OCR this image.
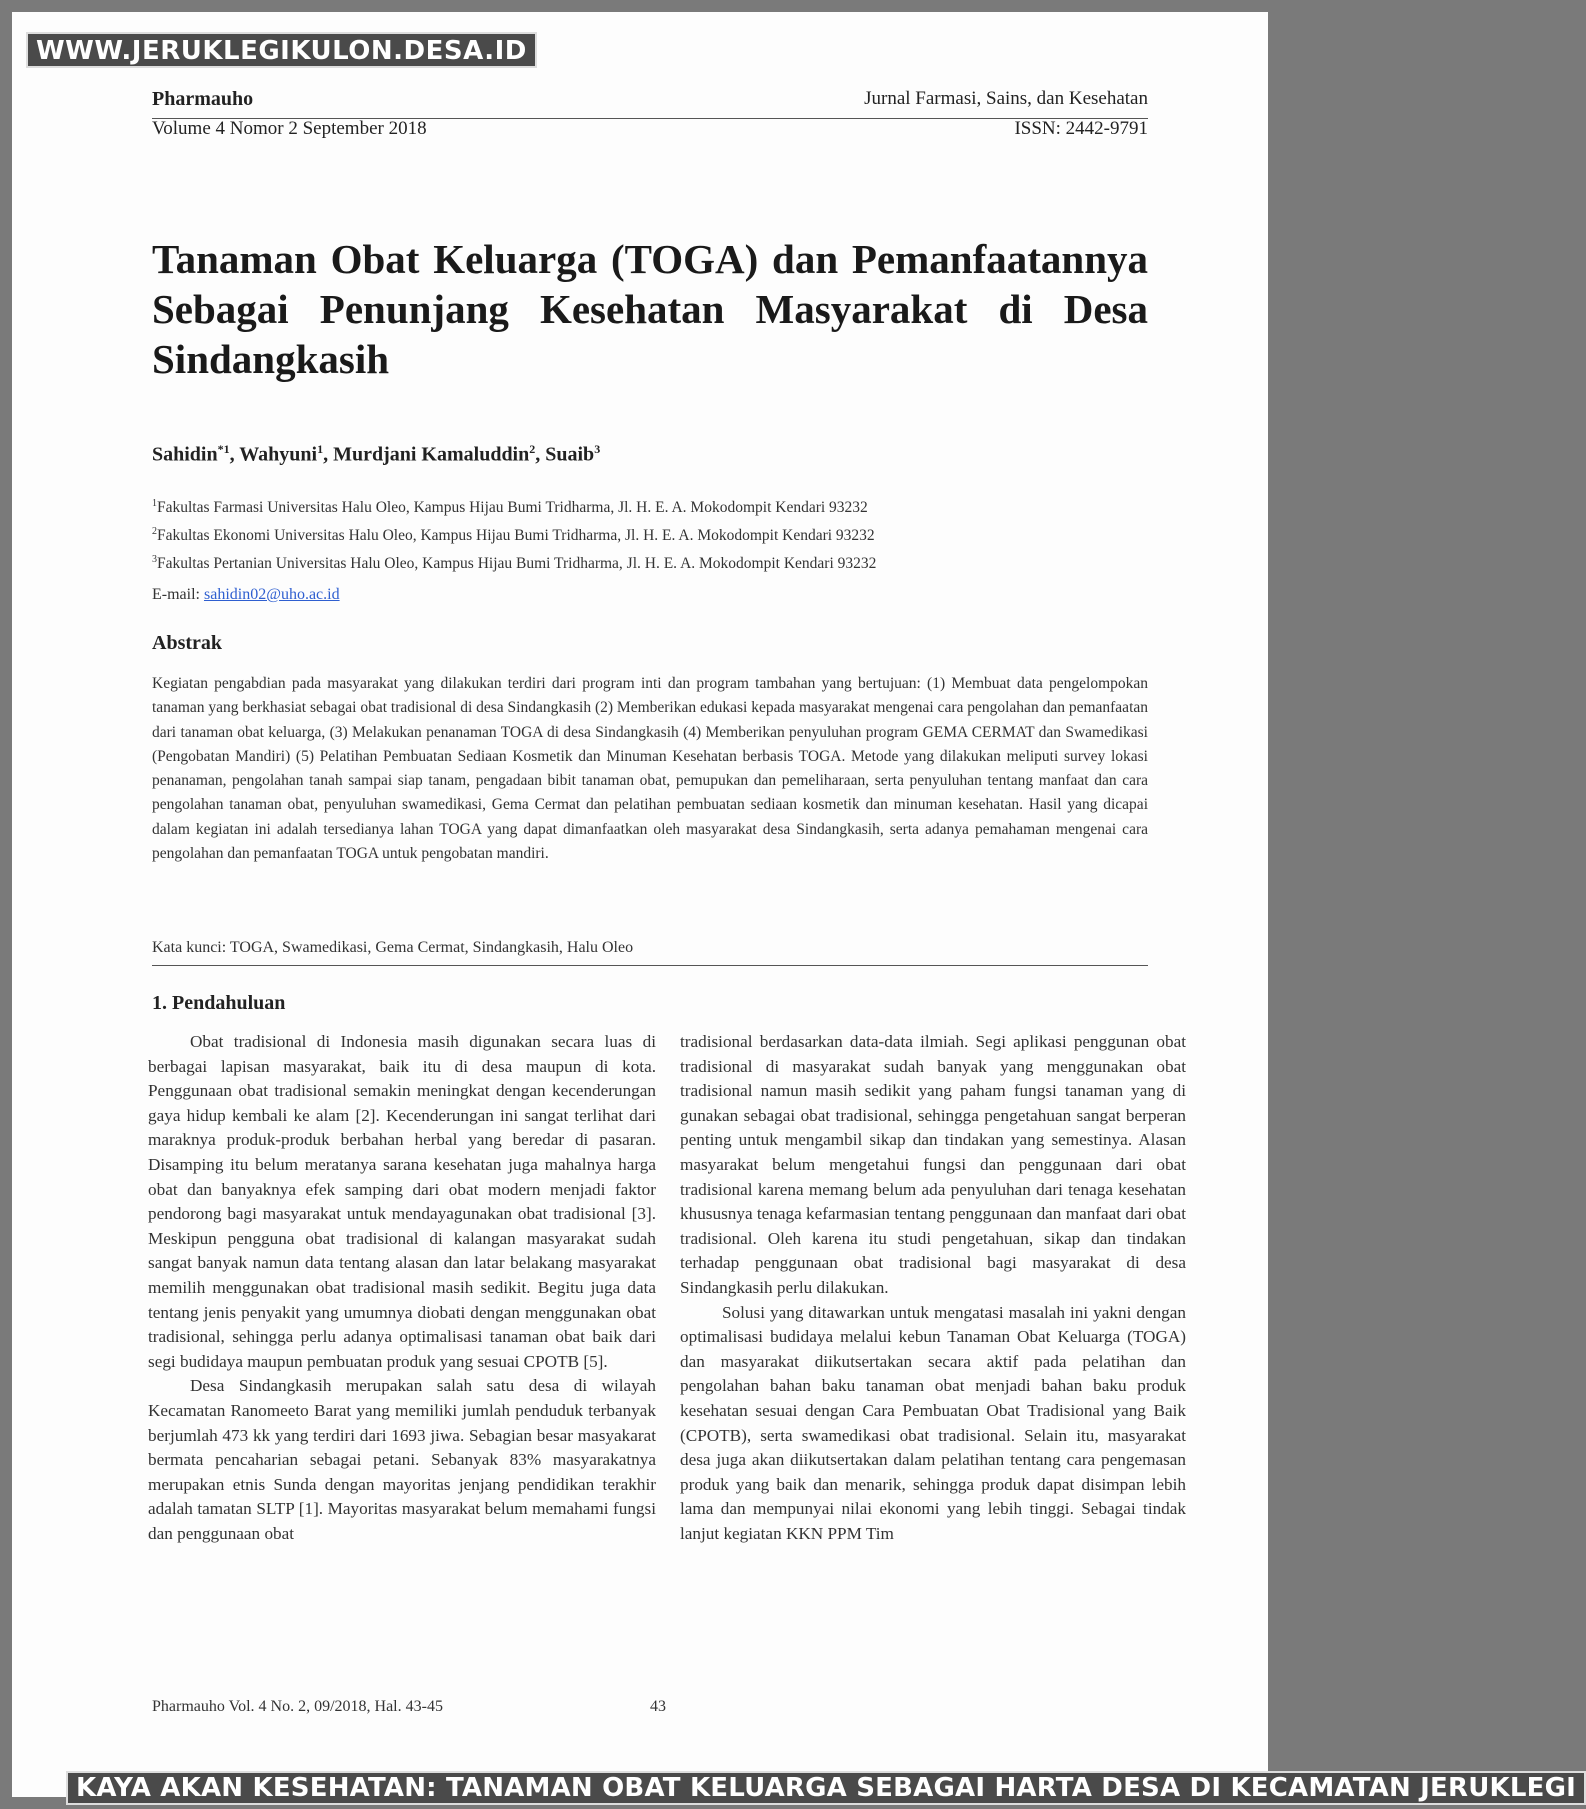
Pharmauho	Jurnal Farmasi, Sains, dan Kesehatan
Volume 4 Nomor 2 September 2018	ISSN: 2442-9791
Tanaman Obat Keluarga (TOGA) dan Pemanfaatannya Sebagai Penunjang Kesehatan Masyarakat di Desa Sindangkasih
Sahidin$^{*1}$, Wahyuni$^1$, Murdjani Kamaluddin$^2$, Suaib$^3$
$^1$Fakultas Farmasi Universitas Halu Oleo, Kampus Hijau Bumi Tridharma, Jl. H. E. A. Mokodompit Kendari 93232
$^2$Fakultas Ekonomi Universitas Halu Oleo, Kampus Hijau Bumi Tridharma, Jl. H. E. A. Mokodompit Kendari 93232
$^3$Fakultas Pertanian Universitas Halu Oleo, Kampus Hijau Bumi Tridharma, Jl. H. E. A. Mokodompit Kendari 93232
E-mail: sahidin02@uho.ac.id
Abstrak

Kegiatan pengabdian pada masyarakat yang dilakukan terdiri dari program inti dan program tambahan yang bertujuan: (1) Membuat data pengelompokan tanaman yang berkhasiat sebagai obat tradisional di desa Sindangkasih (2) Memberikan edukasi kepada masyarakat mengenai cara pengolahan dan pemanfaatan dari tanaman obat keluarga, (3) Melakukan penanaman TOGA di desa Sindangkasih (4) Memberikan penyuluhan program GEMA CERMAT dan Swamedikasi (Pengobatan Mandiri) (5) Pelatihan Pembuatan Sediaan Kosmetik dan Minuman Kesehatan berbasis TOGA. Metode yang dilakukan meliputi survey lokasi penanaman, pengolahan tanah sampai siap tanam, pengadaan bibit tanaman obat, pemupukan dan pemeliharaan, serta penyuluhan tentang manfaat dan cara pengolahan tanaman obat, penyuluhan swamedikasi, Gema Cermat dan pelatihan pembuatan sediaan kosmetik dan minuman kesehatan. Hasil yang dicapai dalam kegiatan ini adalah tersedianya lahan TOGA yang dapat dimanfaatkan oleh masyarakat desa Sindangkasih, serta adanya pemahaman mengenai cara pengolahan dan pemanfaatan TOGA untuk pengobatan mandiri.

Kata kunci: TOGA, Swamedikasi, Gema Cermat, Sindangkasih, Halu Oleo
1. Pendahuluan

Obat tradisional di Indonesia masih digunakan secara luas di berbagai lapisan masyarakat, baik itu di desa maupun di kota. Penggunaan obat tradisional semakin meningkat dengan kecenderungan gaya hidup kembali ke alam [2]. Kecenderungan ini sangat terlihat dari maraknya produk-produk berbahan herbal yang beredar di pasaran. Disamping itu belum meratanya sarana kesehatan juga mahalnya harga obat dan banyaknya efek samping dari obat modern menjadi faktor pendorong bagi masyarakat untuk mendayagunakan obat tradisional [3]. Meskipun pengguna obat tradisional di kalangan masyarakat sudah sangat banyak namun data tentang alasan dan latar belakang masyarakat memilih menggunakan obat tradisional masih sedikit. Begitu juga data tentang jenis penyakit yang umumnya diobati dengan menggunakan obat tradisional, sehingga perlu adanya optimalisasi tanaman obat baik dari segi budidaya maupun pembuatan produk yang sesuai CPOTB [5].

Desa Sindangkasih merupakan salah satu desa di wilayah Kecamatan Ranomeeto Barat yang memiliki jumlah penduduk terbanyak berjumlah 473 kk yang terdiri dari 1693 jiwa. Sebagian besar masyakarat bermata pencaharian sebagai petani. Sebanyak 83% masyarakatnya merupakan etnis Sunda dengan mayoritas jenjang pendidikan terakhir adalah tamatan SLTP [1]. Mayoritas masyarakat belum memahami fungsi dan penggunaan obat

tradisional berdasarkan data-data ilmiah. Segi aplikasi penggunan obat tradisional di masyarakat sudah banyak yang menggunakan obat tradisional namun masih sedikit yang paham fungsi tanaman yang di gunakan sebagai obat tradisional, sehingga pengetahuan sangat berperan penting untuk mengambil sikap dan tindakan yang semestinya. Alasan masyarakat belum mengetahui fungsi dan penggunaan dari obat tradisional karena memang belum ada penyuluhan dari tenaga kesehatan khususnya tenaga kefarmasian tentang penggunaan dan manfaat dari obat tradisional. Oleh karena itu studi pengetahuan, sikap dan tindakan terhadap penggunaan obat tradisional bagi masyarakat di desa Sindangkasih perlu dilakukan.

Solusi yang ditawarkan untuk mengatasi masalah ini yakni dengan optimalisasi budidaya melalui kebun Tanaman Obat Keluarga (TOGA) dan masyarakat diikutsertakan secara aktif pada pelatihan dan pengolahan bahan baku tanaman obat menjadi bahan baku produk kesehatan sesuai dengan Cara Pembuatan Obat Tradisional yang Baik (CPOTB), serta swamedikasi obat tradisional. Selain itu, masyarakat desa juga akan diikutsertakan dalam pelatihan tentang cara pengemasan produk yang baik dan menarik, sehingga produk dapat disimpan lebih lama dan mempunyai nilai ekonomi yang lebih tinggi. Sebagai tindak lanjut kegiatan KKN PPM Tim

Pharmauho Vol. 4 No. 2, 09/2018, Hal. 43-45	43
WWW.JERUKLEGIKULON.DESA.ID
KAYA AKAN KESEHATAN: TANAMAN OBAT KELUARGA SEBAGAI HARTA DESA DI KECAMATAN JERUKLEGI
